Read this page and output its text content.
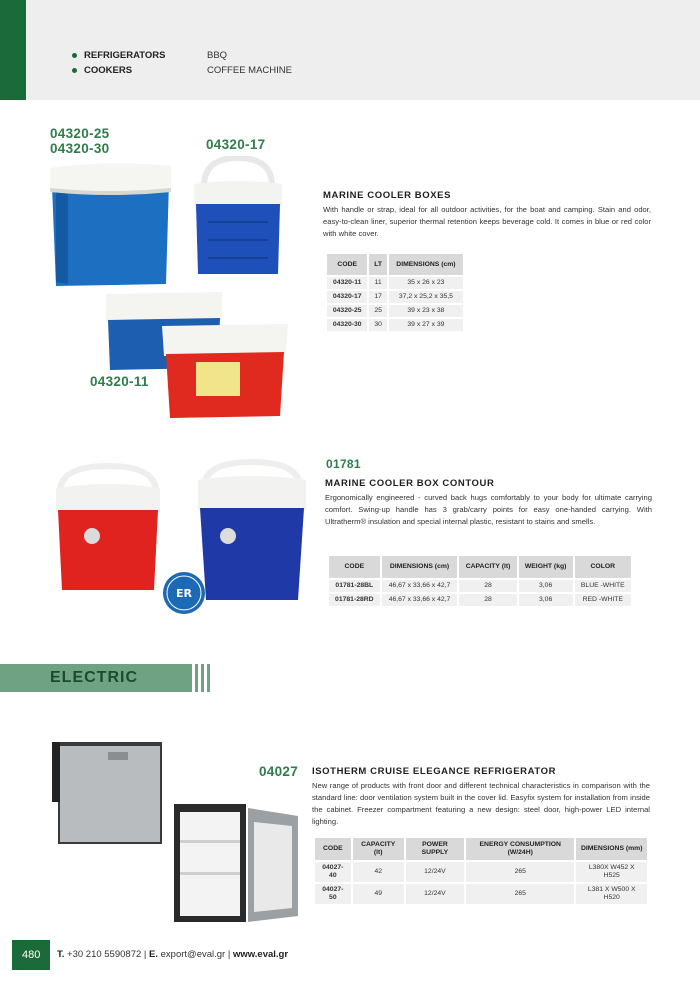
REFRIGERATORS
COOKERS
BBQ
COFFEE MACHINE
04320-25
04320-30	04320-17
04320-11
01781
04027
MARINE COOLER BOXES
With handle or strap, ideal for all outdoor activities, for the boat and camping. Stain and odor, easy-to-clean liner, superior thermal retention keeps beverage cold. It comes in blue or red color with white cover.
CODE	LT	DIMENSIONS (cm)
04320-11	11	35 x 26 x 23
04320-17	17	37,2 x 25,2 x 35,5
04320-25	25	39 x 23 x 38
04320-30	30	39 x 27 x 39
ER
MARINE COOLER BOX CONTOUR
Ergonomically engineered - curved back hugs comfortably to your body for ultimate carrying comfort. Swing-up handle has 3 grab/carry points for easy one-handed carrying. With Ultratherm® insulation and special internal plastic, resistant to stains and smells.
CODE	DIMENSIONS (cm)	CAPACITY (lt)	WEIGHT (kg)	COLOR
01781-28BL	46,67 x 33,66 x 42,7	28	3,06	BLUE -WHITE
01781-28RD	46,67 x 33,66 x 42,7	28	3,06	RED -WHITE
ELECTRIC
ISOTHERM CRUISE ELEGANCE REFRIGERATOR
New range of products with front door and different technical characteristics in comparison with the standard line: door ventilation system built in the cover lid. Easyfix system for installation from inside the cabinet. Freezer compartment featuring a new design: steel door, high-power LED internal lighting.
CODE	CAPACITY (lt)	POWER SUPPLY	ENERGY CONSUMPTION (W/24H)	DIMENSIONS (mm)
04027-40	42	12/24V	265	L380X W452 X H525
04027-50	49	12/24V	265	L381 X W500 X H520
480	T. +30 210 5590872 | E. export@eval.gr | www.eval.gr
